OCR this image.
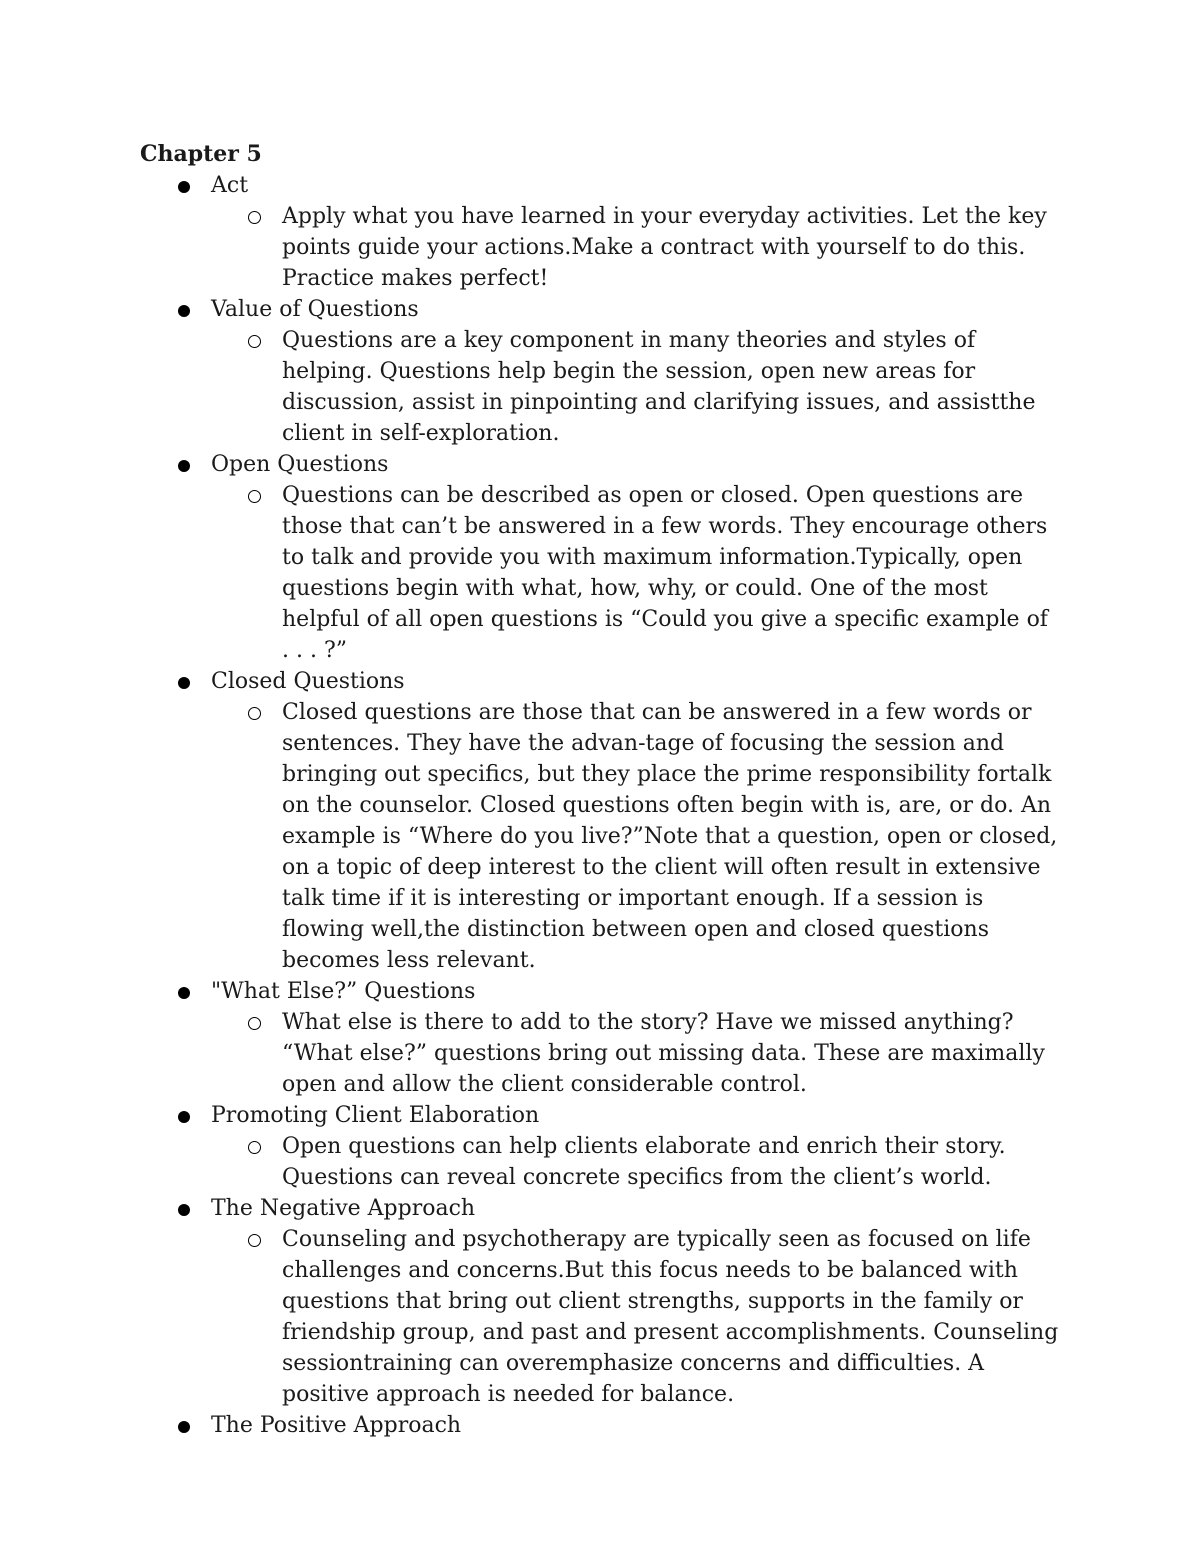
Chapter 5
Act
Apply what you have learned in your everyday activities. Let the key points guide your actions.Make a contract with yourself to do this. Practice makes perfect!
Value of Questions
Questions are a key component in many theories and styles of helping. Questions help begin the session, open new areas for discussion, assist in pinpointing and clarifying issues, and assistthe client in self-exploration.
Open Questions
Questions can be described as open or closed. Open questions are those that can’t be answered in a few words. They encourage others to talk and provide you with maximum information.Typically, open questions begin with what, how, why, or could. One of the most helpful of all open questions is “Could you give a specific example of . . . ?”
Closed Questions
Closed questions are those that can be answered in a few words or sentences. They have the advan-tage of focusing the session and bringing out specifics, but they place the prime responsibility fortalk on the counselor. Closed questions often begin with is, are, or do. An example is “Where do you live?”Note that a question, open or closed, on a topic of deep interest to the client will often result in extensive talk time if it is interesting or important enough. If a session is flowing well,the distinction between open and closed questions becomes less relevant.
"What Else?” Questions
What else is there to add to the story? Have we missed anything? “What else?” questions bring out missing data. These are maximally open and allow the client considerable control.
Promoting Client Elaboration
Open questions can help clients elaborate and enrich their story. Questions can reveal concrete specifics from the client’s world.
The Negative Approach
Counseling and psychotherapy are typically seen as focused on life challenges and concerns.But this focus needs to be balanced with questions that bring out client strengths, supports in the family or friendship group, and past and present accomplishments. Counseling sessiontraining can overemphasize concerns and difficulties. A positive approach is needed for balance.
The Positive Approach
